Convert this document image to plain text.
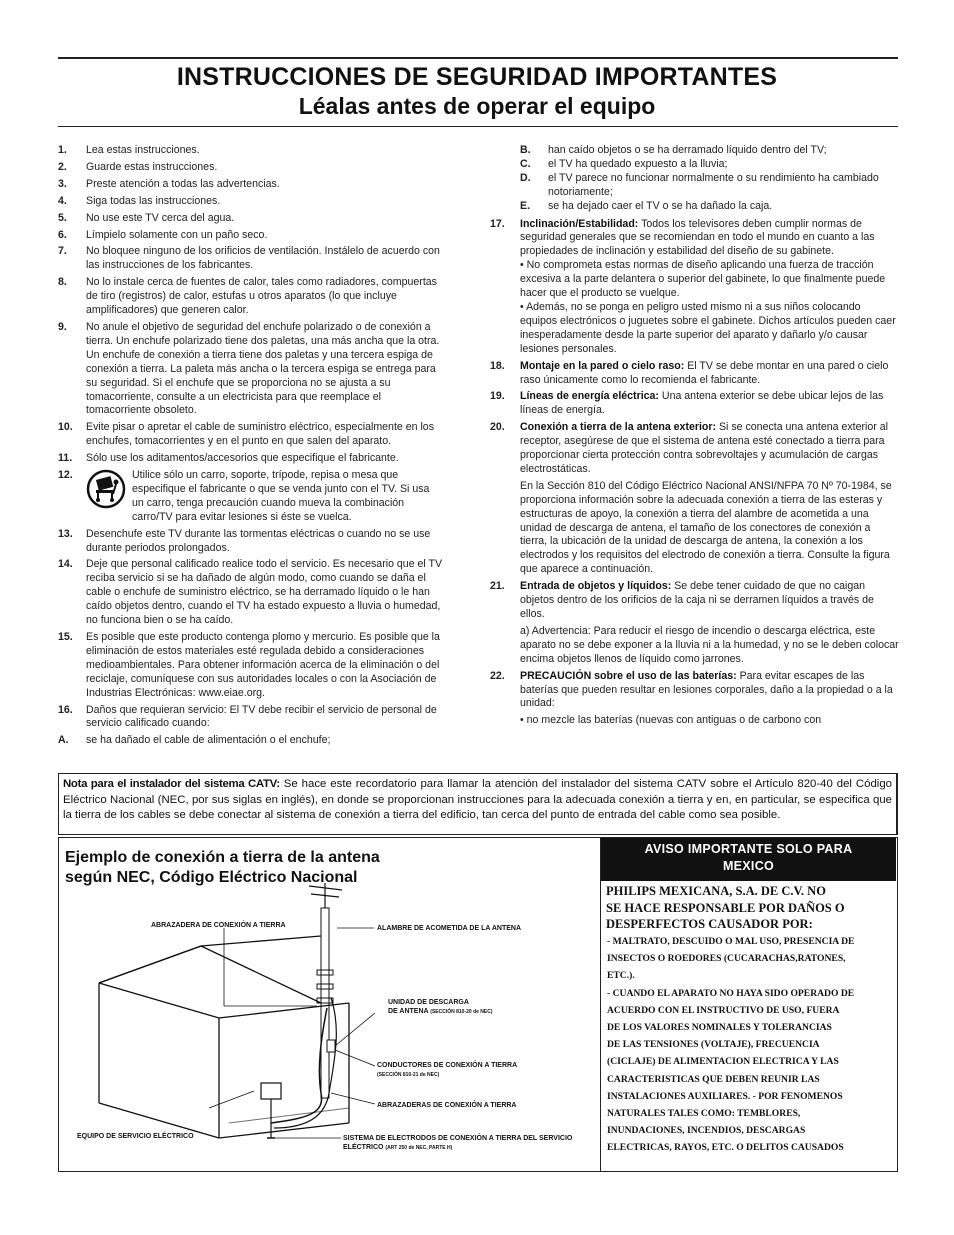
INSTRUCCIONES DE SEGURIDAD IMPORTANTES
Léalas antes de operar el equipo
1.	Lea estas instrucciones.
2.	Guarde estas instrucciones.
3.	Preste atención a todas las advertencias.
4.	Siga todas las instrucciones.
5.	No use este TV cerca del agua.
6.	Límpielo solamente con un paño seco.
7.	No bloquee ninguno de los orificios de ventilación. Instálelo de acuerdo con las instrucciones de los fabricantes.
8.	No lo instale cerca de fuentes de calor, tales como radiadores, compuertas de tiro (registros) de calor, estufas u otros aparatos (lo que incluye amplificadores) que generen calor.
9.	No anule el objetivo de seguridad del enchufe polarizado o de conexión a tierra. Un enchufe polarizado tiene dos paletas, una más ancha que la otra. Un enchufe de conexión a tierra tiene dos paletas y una tercera espiga de conexión a tierra. La paleta más ancha o la tercera espiga se entrega para su seguridad. Si el enchufe que se proporciona no se ajusta a su tomacorriente, consulte a un electricista para que reemplace el tomacorriente obsoleto.
10.	Evite pisar o apretar el cable de suministro eléctrico, especialmente en los enchufes, tomacorrientes y en el punto en que salen del aparato.
11.	Sólo use los aditamentos/accesorios que especifique el fabricante.
12.	Utilice sólo un carro, soporte, trípode, repisa o mesa que especifique el fabricante o que se venda junto con el TV. Si usa un carro, tenga precaución cuando mueva la combinación carro/TV para evitar lesiones si éste se vuelca.
13.	Desenchufe este TV durante las tormentas eléctricas o cuando no se use durante periodos prolongados.
14.	Deje que personal calificado realice todo el servicio. Es necesario que el TV reciba servicio si se ha dañado de algún modo, como cuando se daña el cable o enchufe de suministro eléctrico, se ha derramado líquido o le han caído objetos dentro, cuando el TV ha estado expuesto a lluvia o humedad, no funciona bien o se ha caído.
15.	Es posible que este producto contenga plomo y mercurio. Es posible que la eliminación de estos materiales esté regulada debido a consideraciones medioambientales. Para obtener información acerca de la eliminación o del reciclaje, comuníquese con sus autoridades locales o con la Asociación de Industrias Electrónicas: www.eiae.org.
16.	Daños que requieran servicio: El TV debe recibir el servicio de personal de servicio calificado cuando:
A.	se ha dañado el cable de alimentación o el enchufe;
B.	han caído objetos o se ha derramado líquido dentro del TV;
C.	el TV ha quedado expuesto a la lluvia;
D.	el TV parece no funcionar normalmente o su rendimiento ha cambiado notoriamente;
E.	se ha dejado caer el TV o se ha dañado la caja.
17.	Inclinación/Estabilidad: Todos los televisores deben cumplir normas de seguridad generales que se recomiendan en todo el mundo en cuanto a las propiedades de inclinación y estabilidad del diseño de su gabinete.

• No comprometa estas normas de diseño aplicando una fuerza de tracción excesiva a la parte delantera o superior del gabinete, lo que finalmente puede hacer que el producto se vuelque.

• Además, no se ponga en peligro usted mismo ni a sus niños colocando equipos electrónicos o juguetes sobre el gabinete. Dichos artículos pueden caer inesperadamente desde la parte superior del aparato y dañarlo y/o causar lesiones personales.

18.	Montaje en la pared o cielo raso: El TV se debe montar en una pared o cielo raso únicamente como lo recomienda el fabricante.
19.	Líneas de energía eléctrica: Una antena exterior se debe ubicar lejos de las líneas de energía.
20.	Conexión a tierra de la antena exterior: Si se conecta una antena exterior al receptor, asegúrese de que el sistema de antena esté conectado a tierra para proporcionar cierta protección contra sobrevoltajes y acumulación de cargas electrostáticas.

En la Sección 810 del Código Eléctrico Nacional ANSI/NFPA 70 Nº 70-1984, se proporciona información sobre la adecuada conexión a tierra de las esteras y estructuras de apoyo, la conexión a tierra del alambre de acometida a una unidad de descarga de antena, el tamaño de los conectores de conexión a tierra, la ubicación de la unidad de descarga de antena, la conexión a los electrodos y los requisitos del electrodo de conexión a tierra. Consulte la figura que aparece a continuación.

21.	Entrada de objetos y líquidos: Se debe tener cuidado de que no caigan objetos dentro de los orificios de la caja ni se derramen líquidos a través de ellos.

a) Advertencia: Para reducir el riesgo de incendio o descarga eléctrica, este aparato no se debe exponer a la lluvia ni a la humedad, y no se le deben colocar encima objetos llenos de líquido como jarrones.

22.	PRECAUCIÓN sobre el uso de las baterías: Para evitar escapes de las baterías que pueden resultar en lesiones corporales, daño a la propiedad o a la unidad:

• no mezcle las baterías (nuevas con antiguas o de carbono con

Nota para el instalador del sistema CATV: Se hace este recordatorio para llamar la atención del instalador del sistema CATV sobre el Artículo 820-40 del Código Eléctrico Nacional (NEC, por sus siglas en inglés), en donde se proporcionan instrucciones para la adecuada conexión a tierra y en, en particular, se especifica que la tierra de los cables se debe conectar al sistema de conexión a tierra del edificio, tan cerca del punto de entrada del cable como sea posible.
Ejemplo de conexión a tierra de la antena
según NEC, Código Eléctrico Nacional
ABRAZADERA DE CONEXIÓN A TIERRA	ALAMBRE DE ACOMETIDA DE LA ANTENA
UNIDAD DE DESCARGA
DE ANTENA (SECCIÓN 810-20 de NEC)
CONDUCTORES DE CONEXIÓN A TIERRA
(SECCIÓN 810-21 de NEC)
ABRAZADERAS DE CONEXIÓN A TIERRA
EQUIPO DE SERVICIO ELÉCTRICO	SISTEMA DE ELECTRODOS DE CONEXIÓN A TIERRA DEL SERVICIO
ELÉCTRICO (ART 250 de NEC, PARTE H)
AVISO IMPORTANTE SOLO PARA
MEXICO
PHILIPS MEXICANA, S.A. DE C.V. NO
SE HACE RESPONSABLE POR DAÑOS O
DESPERFECTOS CAUSADOR POR:
- MALTRATO, DESCUIDO O MAL USO, PRESENCIA DE
INSECTOS O ROEDORES (CUCARACHAS,RATONES,
ETC.).
- CUANDO EL APARATO NO HAYA SIDO OPERADO DE
ACUERDO CON EL INSTRUCTIVO DE USO, FUERA
DE LOS VALORES NOMINALES Y TOLERANCIAS
DE LAS TENSIONES (VOLTAJE), FRECUENCIA
(CICLAJE) DE ALIMENTACION ELECTRICA Y LAS
CARACTERISTICAS QUE DEBEN REUNIR LAS
INSTALACIONES AUXILIARES. - POR FENOMENOS
NATURALES TALES COMO: TEMBLORES,
INUNDACIONES, INCENDIOS, DESCARGAS
ELECTRICAS, RAYOS, ETC. O DELITOS CAUSADOS
